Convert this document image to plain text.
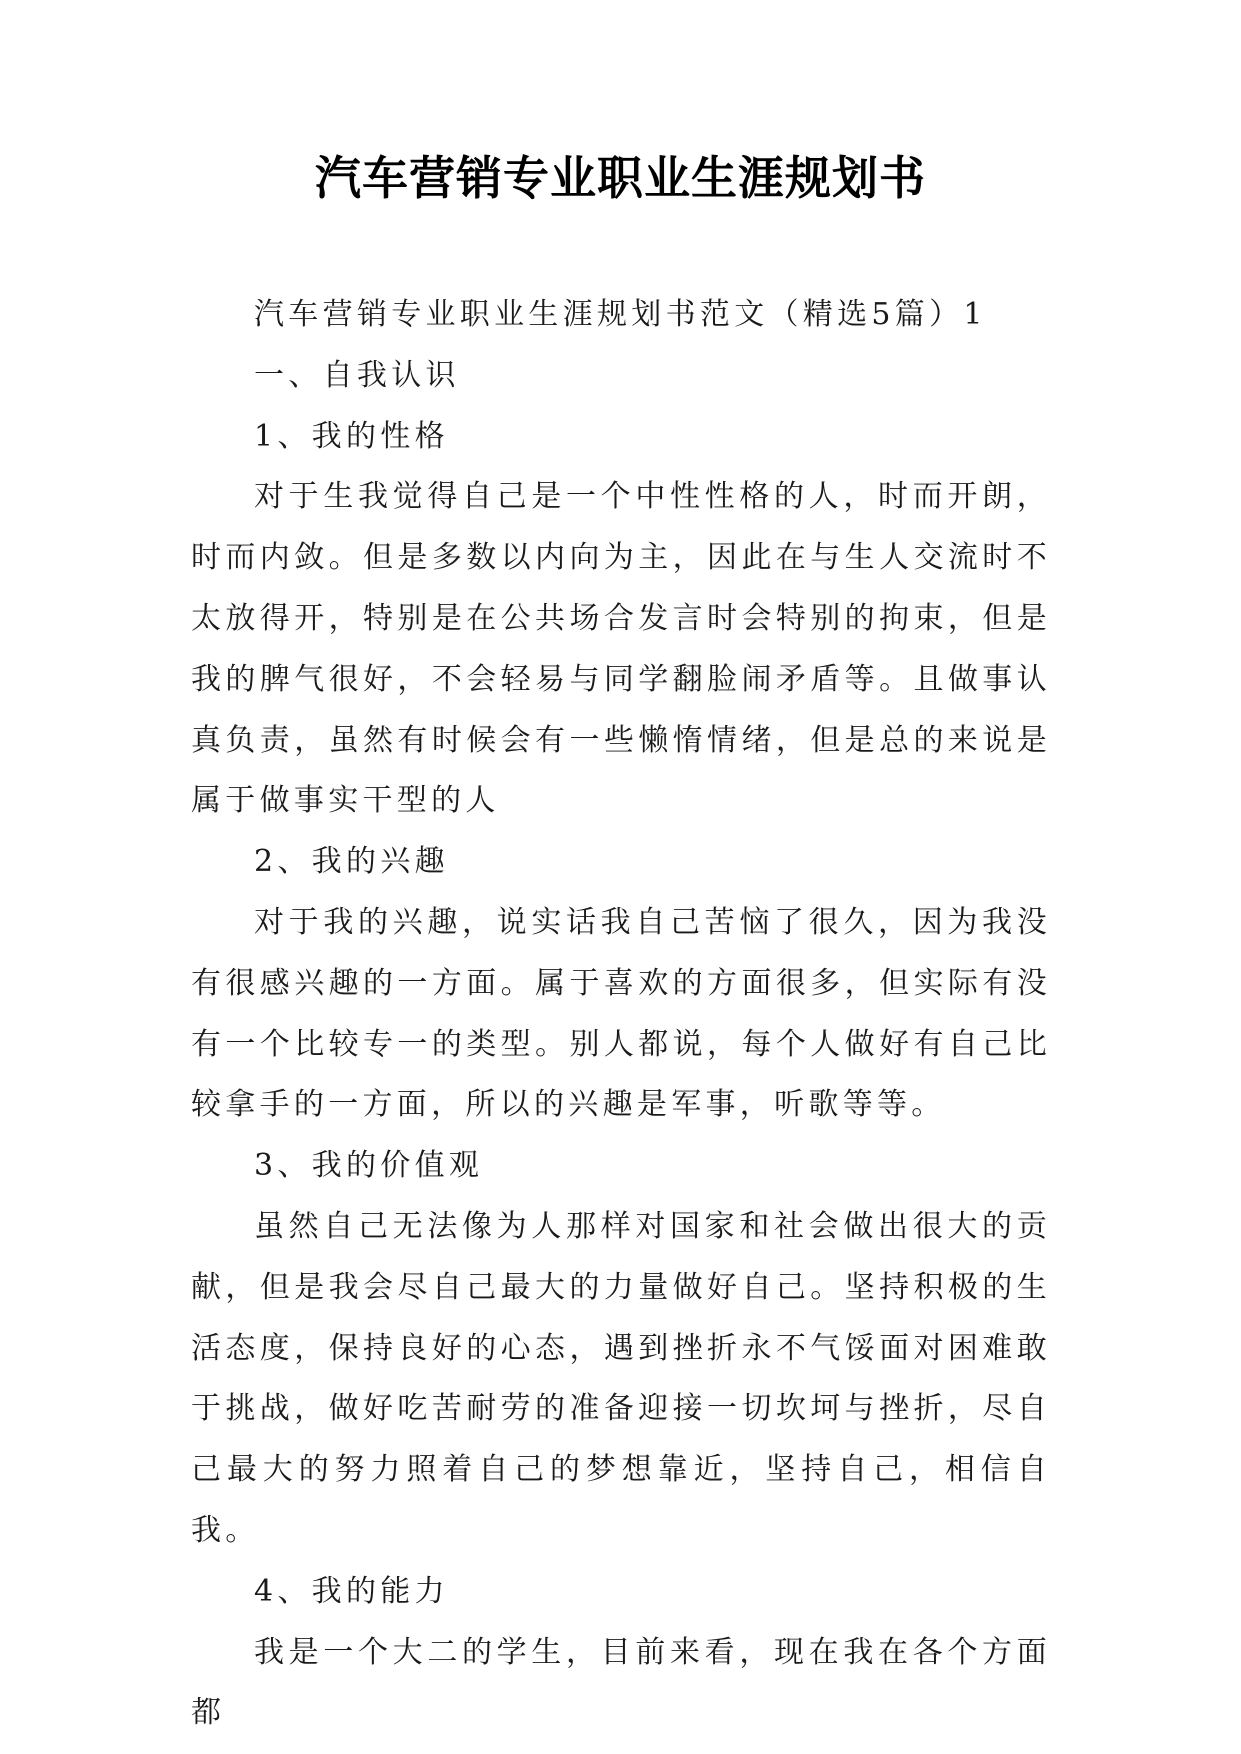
汽车营销专业职业生涯规划书

汽车营销专业职业生涯规划书范文（精选5篇）1

一、自我认识

1、我的性格

对于生我觉得自己是一个中性性格的人，时而开朗，时而内敛。但是多数以内向为主，因此在与生人交流时不太放得开，特别是在公共场合发言时会特别的拘束，但是我的脾气很好，不会轻易与同学翻脸闹矛盾等。且做事认真负责，虽然有时候会有一些懒惰情绪，但是总的来说是属于做事实干型的人

2、我的兴趣

对于我的兴趣，说实话我自己苦恼了很久，因为我没有很感兴趣的一方面。属于喜欢的方面很多，但实际有没有一个比较专一的类型。别人都说，每个人做好有自己比较拿手的一方面，所以的兴趣是军事，听歌等等。

3、我的价值观

虽然自己无法像为人那样对国家和社会做出很大的贡献，但是我会尽自己最大的力量做好自己。坚持积极的生活态度，保持良好的心态，遇到挫折永不气馁面对困难敢于挑战，做好吃苦耐劳的准备迎接一切坎坷与挫折，尽自己最大的努力照着自己的梦想靠近，坚持自己，相信自我。

4、我的能力

我是一个大二的学生，目前来看，现在我在各个方面都
